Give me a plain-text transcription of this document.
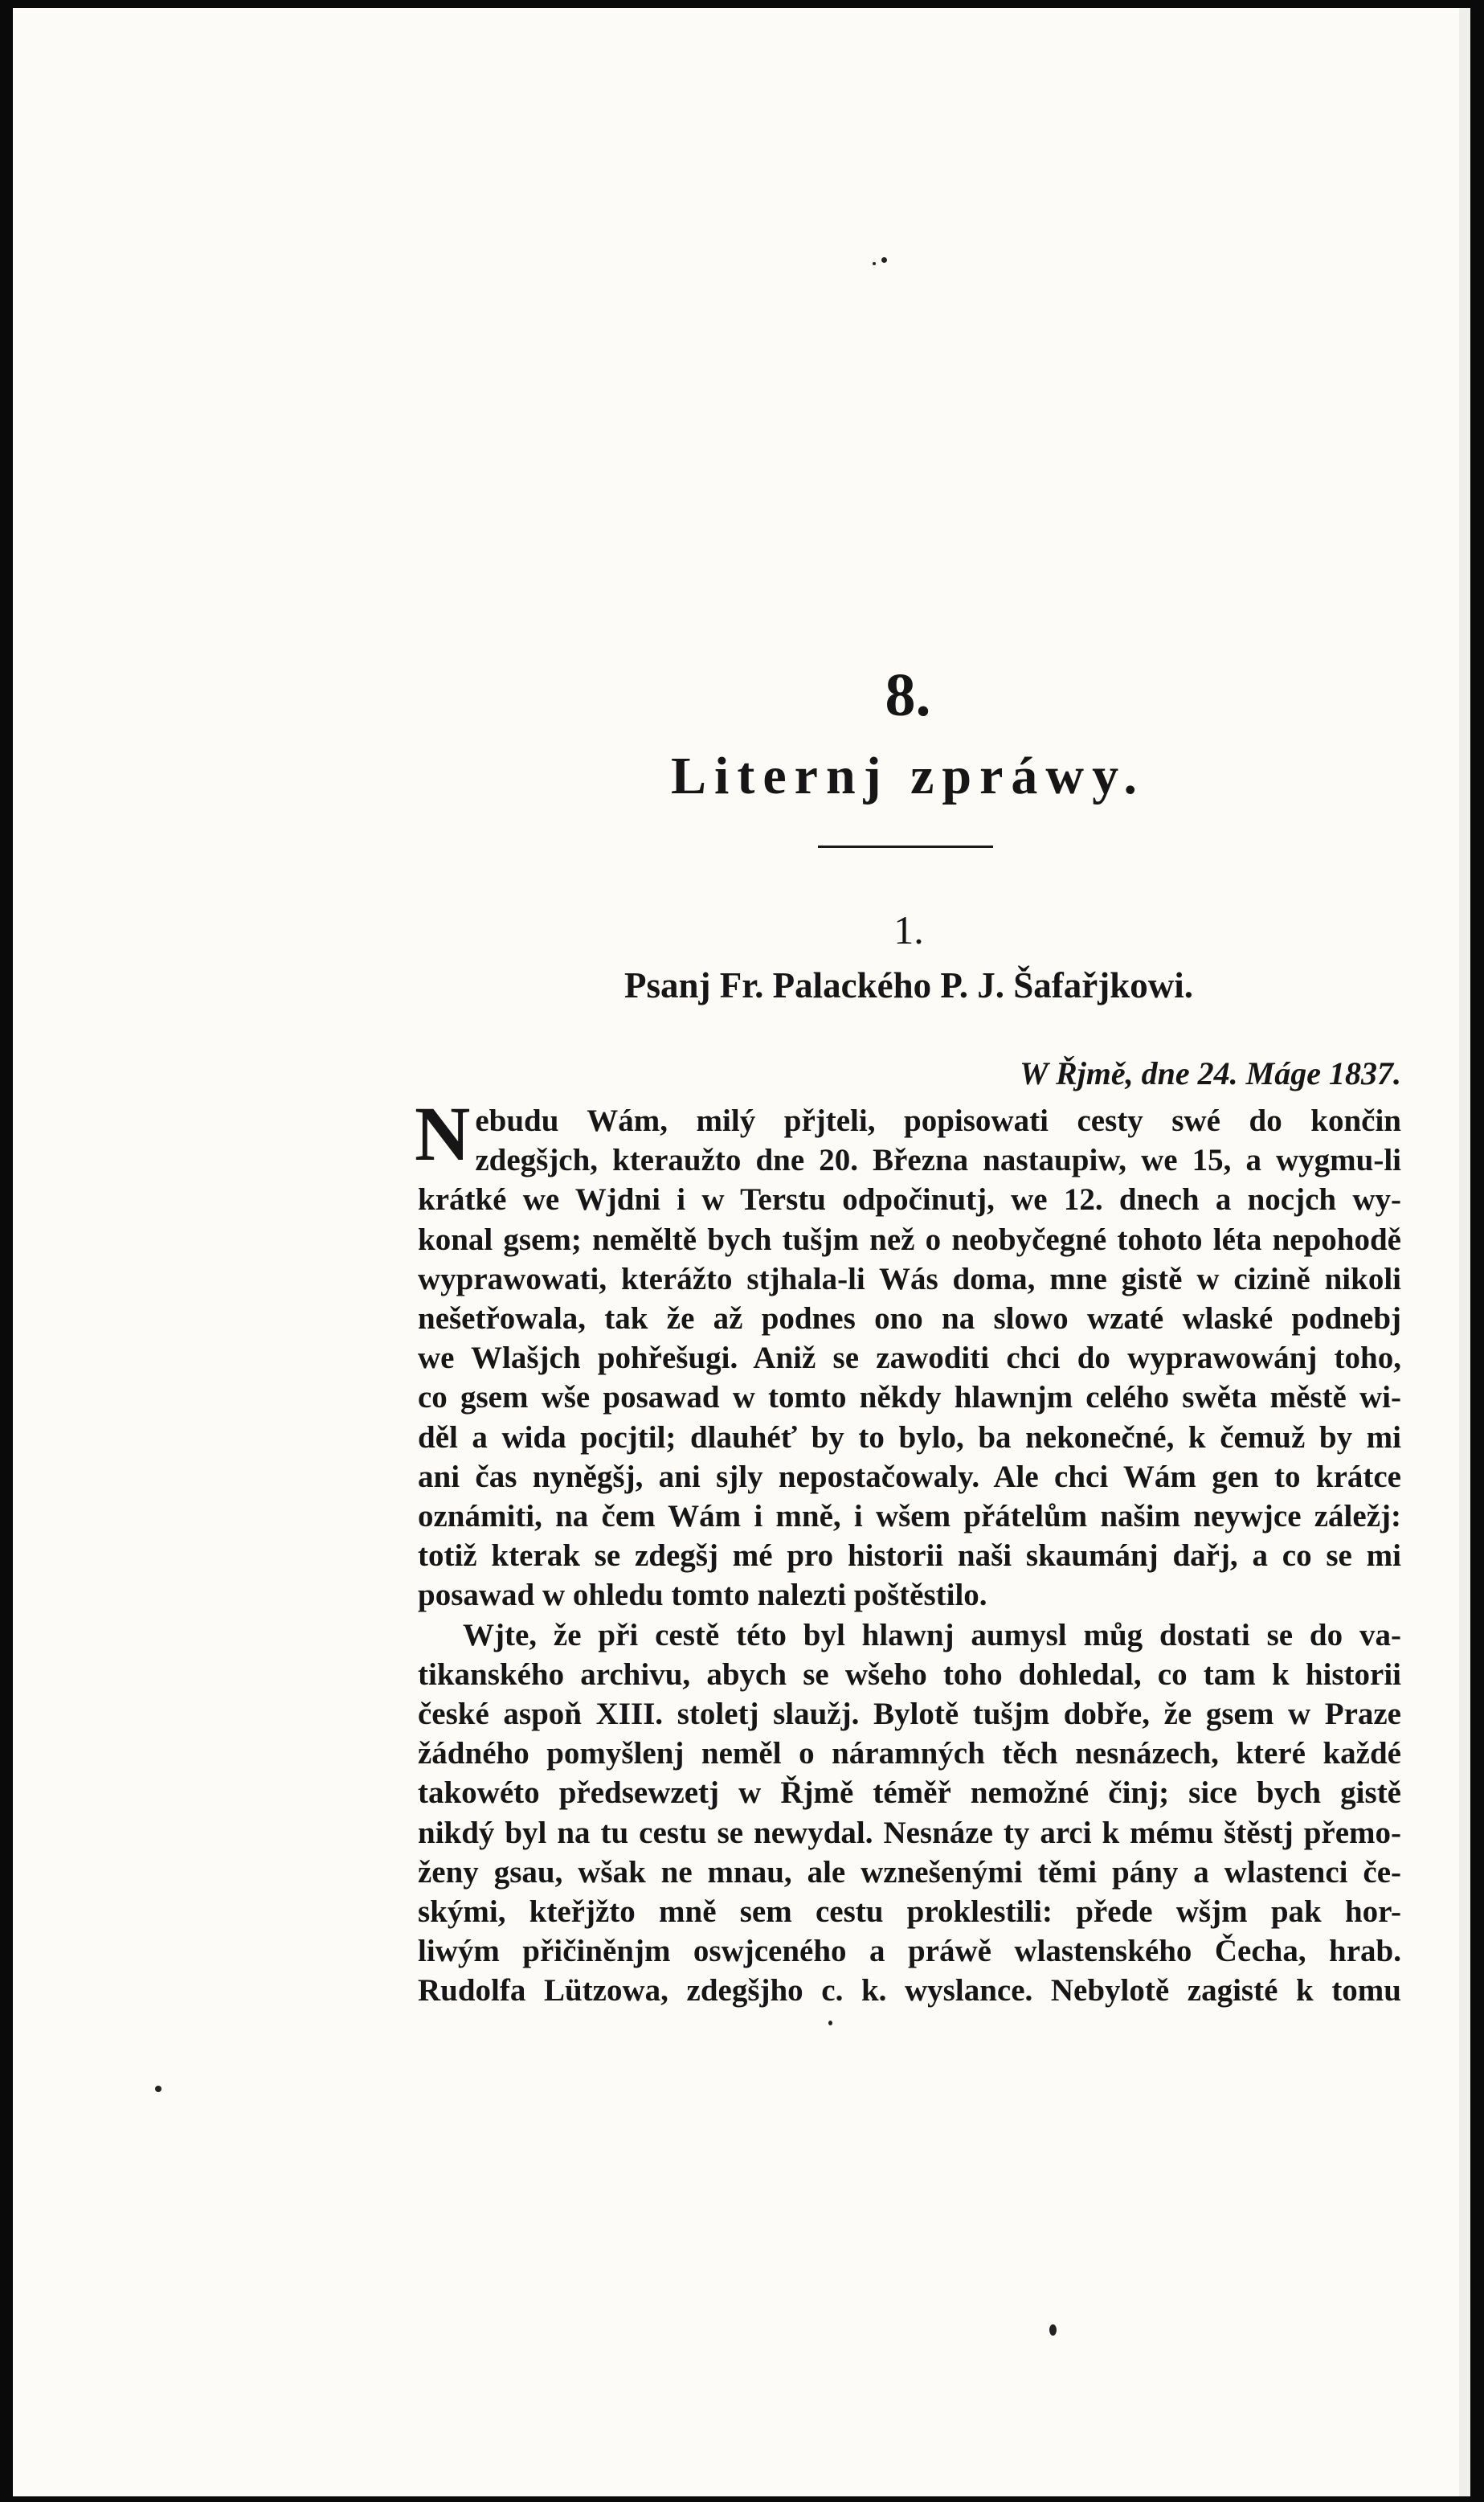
8.
Liternj zpráwy.
1.
Psanj Fr. Palackého P. J. Šafařjkowi.
W Řjmě, dne 24. Máge 1837.
N ebudu Wám, milý přjteli, popisowati cesty swé do končin
zdegšjch, kteraužto dne 20. Března nastaupiw, we 15, a wygmu-li
krátké we Wjdni i w Terstu odpočinutj, we 12. dnech a nocjch wy-
konal gsem; neměltě bych tušjm než o neobyčegné tohoto léta nepohodě
wyprawowati, kterážto stjhala-li Wás doma, mne gistě w cizině nikoli
nešetřowala, tak že až podnes ono na slowo wzaté wlaské podnebj
we Wlašjch pohřešugi. Aniž se zawoditi chci do wyprawowánj toho,
co gsem wše posawad w tomto někdy hlawnjm celého swěta městě wi-
děl a wida pocjtil; dlauhéť by to bylo, ba nekonečné, k čemuž by mi
ani čas nyněgšj, ani sjly nepostačowaly. Ale chci Wám gen to krátce
oznámiti, na čem Wám i mně, i wšem přátelům našim neywjce záležj:
totiž kterak se zdegšj mé pro historii naši skaumánj dařj, a co se mi
posawad w ohledu tomto nalezti poštěstilo.
Wjte, že při cestě této byl hlawnj aumysl můg dostati se do va-
tikanského archivu, abych se wšeho toho dohledal, co tam k historii
české aspoň XIII. stoletj slaužj. Bylotě tušjm dobře, že gsem w Praze
žádného pomyšlenj neměl o náramných těch nesnázech, které každé
takowéto předsewzetj w Řjmě téměř nemožné činj; sice bych gistě
nikdý byl na tu cestu se newydal. Nesnáze ty arci k mému štěstj přemo-
ženy gsau, wšak ne mnau, ale wznešenými těmi pány a wlastenci če-
skými, kteřjžto mně sem cestu proklestili: přede wšjm pak hor-
liwým přičiněnjm oswjceného a práwě wlastenského Čecha, hrab.
Rudolfa Lützowa, zdegšjho c. k. wyslance. Nebylotě zagisté k tomu
